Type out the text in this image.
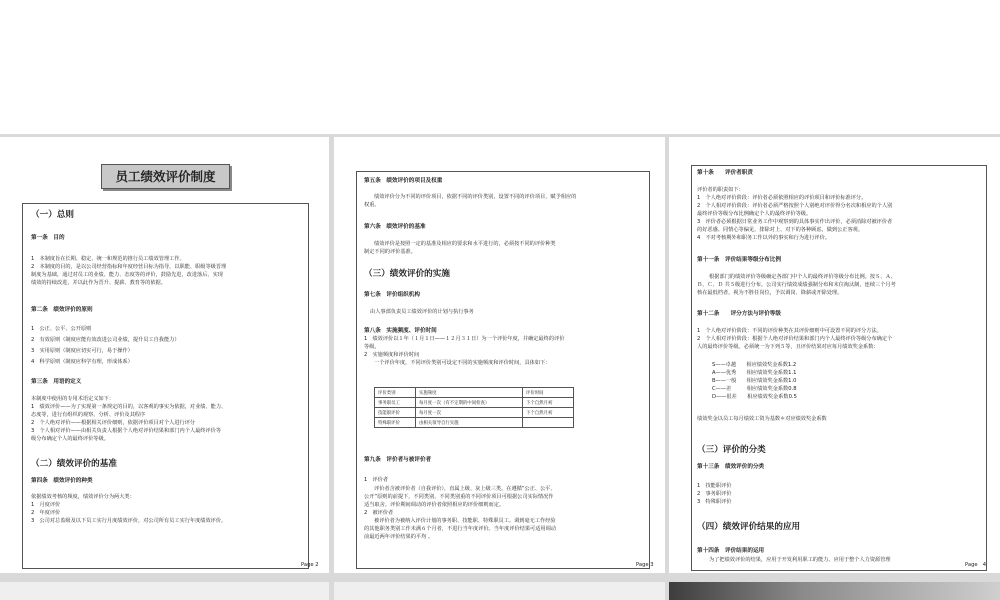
员工绩效评价制度
（一）总则

第一条　目的

1　本制度旨在长期、稳定、统一和规范的推行员工绩效管理工作。

2　本制度的目的，是以公司经营指标和年度经营目标为指导，以职能、职级等级晋理

制度为基础，通过对员工的业绩、能力、态度等的评价，鼓励先进，改进落后、实现

绩效的持续改进，并以此作为晋升、提薪、教育等的依据。

第二条　绩效评价的原则

1　公正、公平、公开原则

2　有效原则（制度应能有效改进公司业绩，提升员工自我能力）

3　实用原则（制度应切实可行，易于操作）

4　科学原则（制度应科学有理，形成体系）

第三条　用语的定义

本制度中使用的专用术语定义如下：

1　绩效评价——为了实现第一条规定的目的，以客观的事实为依据，对业绩、能力、

态度等，进行有组织的观察、分析、评价及其程序

2　个人绝对评价——根据相关评价细则，依据评价项目对个人进行评分

3　个人相对评价——由相关负责人根据个人绝对评价结果和部门内个人最终评价等

级分布确定个人的最终评价等级。

（二）绩效评价的基准

第四条　绩效评价的种类

依据绩效考核的频度，绩效评价分为两大类：

1　月度评价

2　年度评价

3　公司对总监级及以下员工实行月度绩效评价，对公司所有员工实行年度绩效评价。

Page 2

第五条　绩效评价的项目及权重

绩效评价分为不同的评价项目，依据不同的评价类别，设置不同的评价项目，赋予相应的

权重。

第六条　绩效评价的基准

绩效评价是按照一定的基准及相应的要求和水平进行的，必须按不同的评价种类

制定不同的评价基准。

（三）绩效评价的实施

第七条　评价组织机构

由人事部负责员工绩效评价的计划与执行事务

第八条　实施频度、评价时间

1　绩效评价以１年（１月１日——１２月３１日）为一个评价年度，并确定最终的评价

等级。

2　实施频度和评价时间

一个评价年度，不同评价类别可设定不同的实施频度和评价时间，具体如下：

评价类别	实施频度	评价时间
事务职员工	每月度一次（有不定期的中间检查）	下个自然月初
技能职评价	每月度一次	下个自然月初
特殊职评价	由相关领导自行实施	

第九条　评价者与被评价者

1　评价者

评价者含被评价者（自我评价），直属上级、灰上级三类。在遵循“公正、公平、

公开”原则的前提下，不同类别、不同类别重的不同评价项目可根据公司实际情况作

适当取舍。评价期间调动的评价者依照相应的评价细则而定。

2　被评价者

被评价者为被纳入评价计划的事务职、技能职、特殊职员工。调到毫无工作经验

的其他职务类别工作未满６个月者，不进行当年度评价。当年度评价结果可适用调动

前最近两年评价结果的平均 。

Page 3

第十条　　评价者职责

评价者的职责如下：

1　个人绝对评价阶段：评价者必须依照相应的评价项目和评价标准评分。

2　个人相对评价阶段：评价者必须严格按照个人别绝对评价得分名次和相应的个人别

最终评价等级分布比例确定个人的最终评价等级。

3　评价者必须根据日常业务工作中观察到的具体事实作出评价，必须消除对被评价者

的好恶感、同情心等偏见，排除对上、对下的各种顾虑，做到公正客观。

4　不对考核期外和职务工作以外的事实和行为进行评价。

第十一条　评价结果等级分布比例

根据部门的绩效评价等级确定各部门中个人的最终评价等级分布比例。按Ｓ、Ａ、

Ｂ、Ｃ、Ｄ 共５级进行分布。公司实行绩效成绩强制分布和末位淘汰制，连续三个月考

核在最低档者，视为不胜任岗位，予以调岗、降薪或开除处理。

第十二条　　评分方法与评价等级

1　个人绝对评价阶段：不同的评价种类在其评价细则中可设置不同的评分方法。

2　个人相对评价阶段：根据个人绝对评价结果和部门内个人最终评价等级分布确定个

人的最终评价等级。必须统一为下列５等，且评价结果对应每月绩效奖金系数：

S——卓越　　相应绩效奖金系数1.2

A——优秀　　相应绩效奖金系数1.1

B——一般　　相应绩效奖金系数1.0

C——差　　　相应绩效奖金系数0.8

D——很差　　相应绩效奖金系数0.5

绩效奖金以员工每月绩效工资为基数＊对应绩效奖金系数

（三）评价的分类

第十三条　绩效评价的分类

1　技能职评价

2　事务职评价

3　特殊职评价

（四）绩效评价结果的应用

第十四条　评价结果的运用

为了把绩效评价的结果，应用于开发利用职工的能力、应用于整个人力资源管理

Page　4
